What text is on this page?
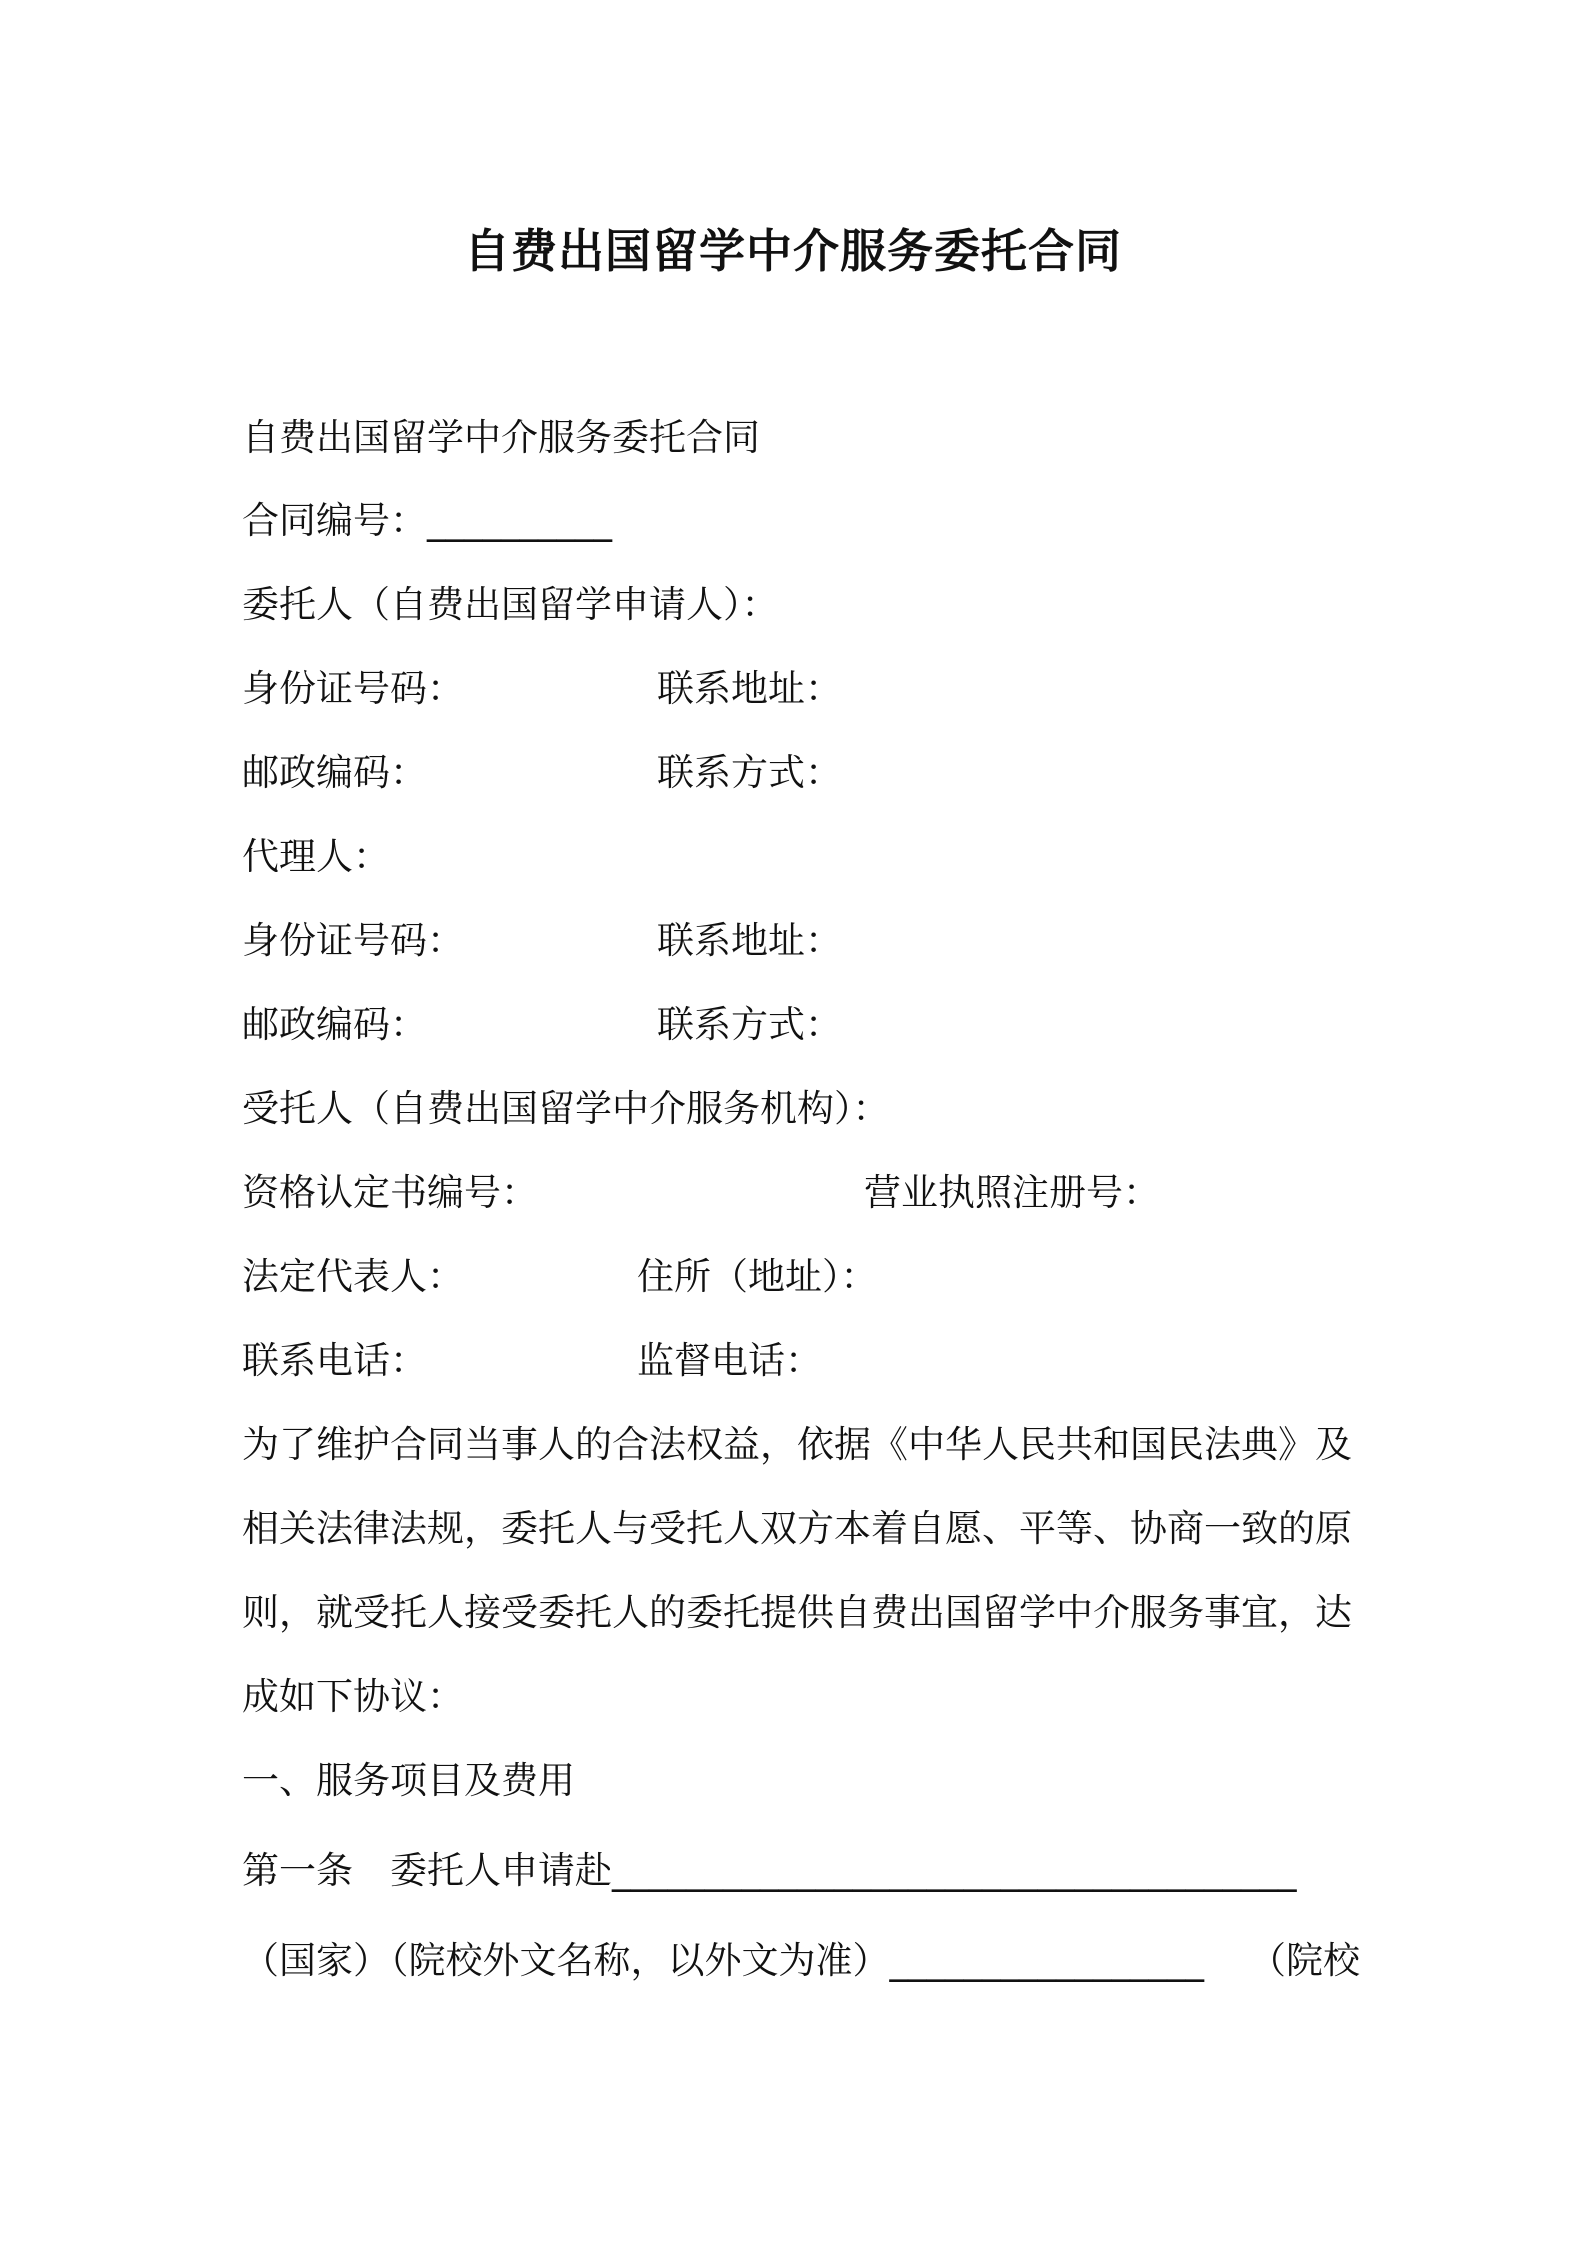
自费出国留学中介服务委托合同
自费出国留学中介服务委托合同
合同编号：__________
委托人（自费出国留学申请人）：
身份证号码：	联系地址：
邮政编码：	联系方式：
代理人：
身份证号码：	联系地址：
邮政编码：	联系方式：
受托人（自费出国留学中介服务机构）：
资格认定书编号：	营业执照注册号：
法定代表人：	住所（地址）：
联系电话：	监督电话：
为了维护合同当事人的合法权益，依据《中华人民共和国民法典》及
相关法律法规，委托人与受托人双方本着自愿、平等、协商一致的原
则，就受托人接受委托人的委托提供自费出国留学中介服务事宜，达
成如下协议：
一、服务项目及费用
第一条 委托人申请赴_____________________________________
（国家）（院校外文名称，以外文为准）_________________ （院校
